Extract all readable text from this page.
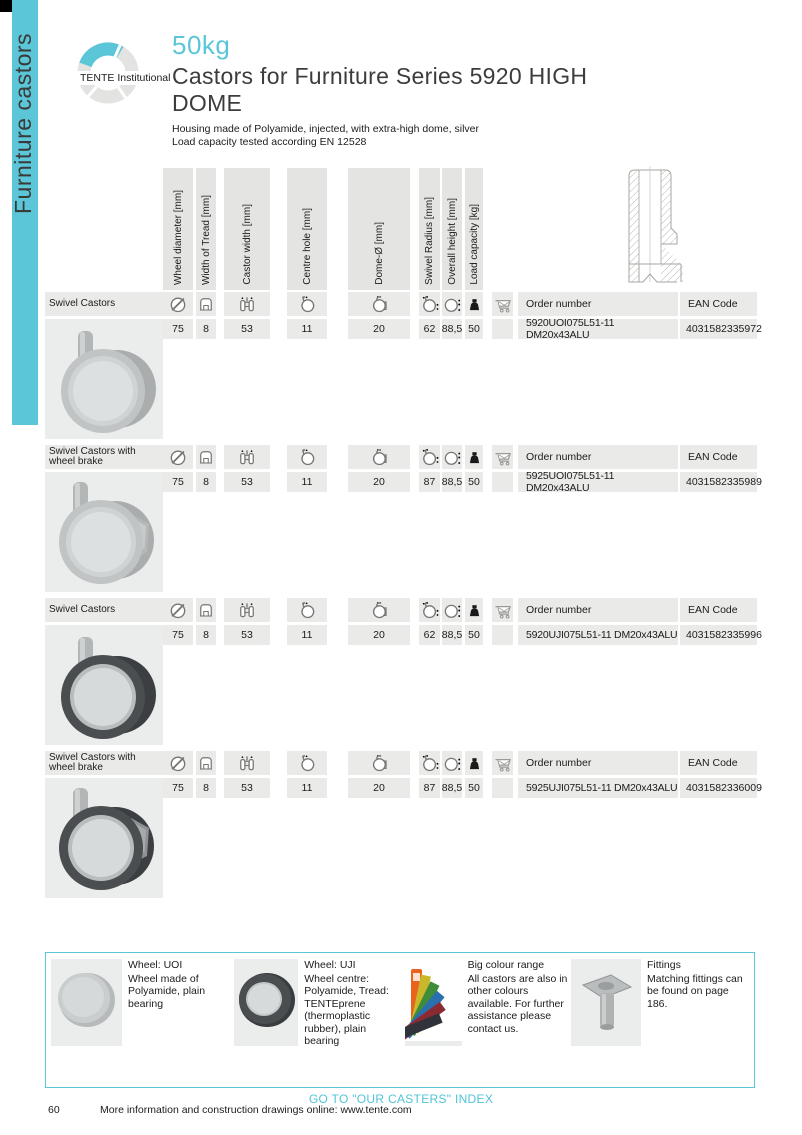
Furniture castors	TENTE Institutional
50kg
Castors for Furniture Series 5920 HIGH DOME
Housing made of Polyamide, injected, with extra-high dome, silver
Load capacity tested according EN 12528
Wheel diameter [mm] Width of Tread [mm]	Castor width [mm]	Centre hole [mm]	Dome-Ø [mm]	Swivel Radius [mm] Overall height [mm] Load capacity [kg]
Swivel Castors	Order number	EAN Code
75	8	53	11	20	62 88,5 50	5920UOI075L51-11 DM20x43ALU	4031582335972
Swivel Castors with wheel brake	Order number	EAN Code
75	8	53	11	20	87 88,5 50	5925UOI075L51-11 DM20x43ALU	4031582335989
Swivel Castors	Order number	EAN Code
75	8	53	11	20	62 88,5 50	5920UJI075L51-11 DM20x43ALU 4031582335996
Swivel Castors with wheel brake	Order number	EAN Code
75	8	53	11	20	87 88,5 50	5925UJI075L51-11 DM20x43ALU 4031582336009
Wheel: UOI
Wheel made of Polyamide, plain bearing
Wheel: UJI
Wheel centre: Polyamide, Tread: TENTEprene (thermoplastic rubber), plain bearing
Big colour range
All castors are also in other colours available. For further assistance please contact us.
Fittings
Matching fittings can be found on page 186.
GO TO "OUR CASTERS" INDEX
60	More information and construction drawings online: www.tente.com
